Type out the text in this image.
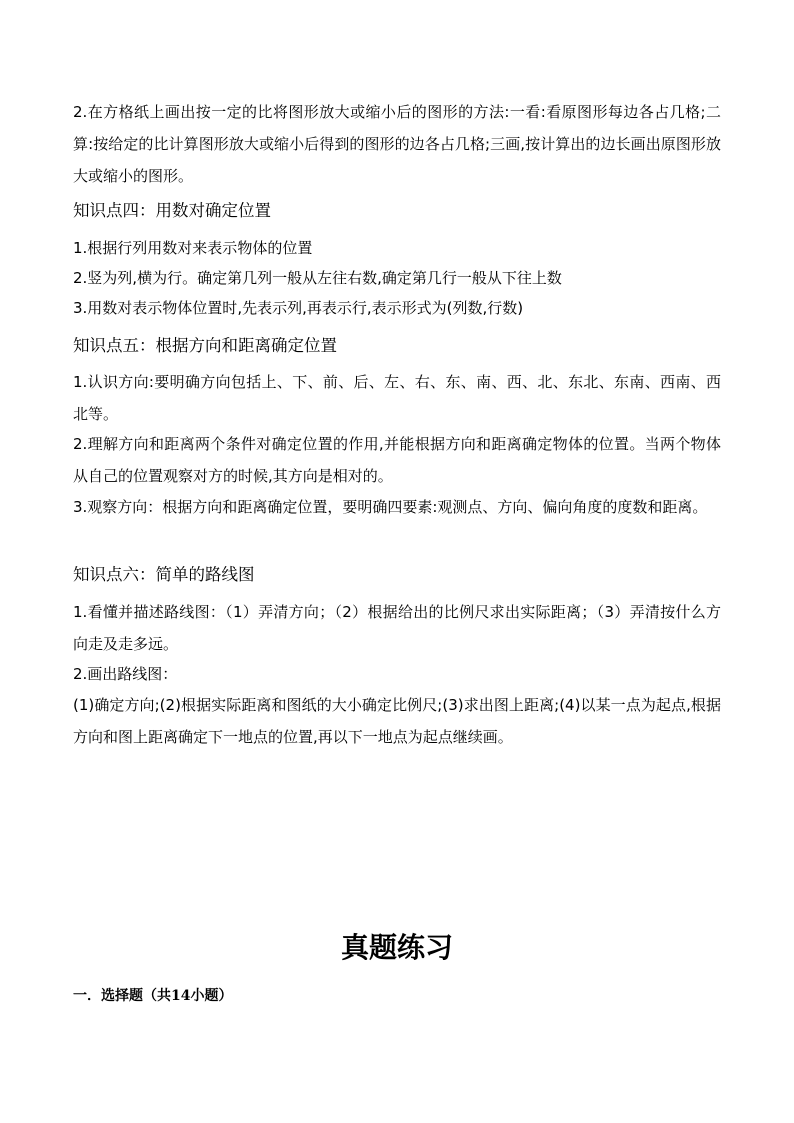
2.在方格纸上画出按一定的比将图形放大或缩小后的图形的方法:一看:看原图形每边各占几格;二算:按给定的比计算图形放大或缩小后得到的图形的边各占几格;三画,按计算出的边长画出原图形放大或缩小的图形。
知识点四：用数对确定位置
1.根据行列用数对来表示物体的位置
2.竖为列,横为行。确定第几列一般从左往右数,确定第几行一般从下往上数
3.用数对表示物体位置时,先表示列,再表示行,表示形式为(列数,行数)
知识点五：根据方向和距离确定位置
1.认识方向:要明确方向包括上、下、前、后、左、右、东、南、西、北、东北、东南、西南、西北等。
2.理解方向和距离两个条件对确定位置的作用,并能根据方向和距离确定物体的位置。当两个物体从自己的位置观察对方的时候,其方向是相对的。
3.观察方向：根据方向和距离确定位置，要明确四要素:观测点、方向、偏向角度的度数和距离。
知识点六：简单的路线图
1.看懂并描述路线图：（1）弄清方向；（2）根据给出的比例尺求出实际距离；（3）弄清按什么方向走及走多远。
2.画出路线图：
(1)确定方向;(2)根据实际距离和图纸的大小确定比例尺;(3)求出图上距离;(4)以某一点为起点,根据方向和图上距离确定下一地点的位置,再以下一地点为起点继续画。
真题练习
一．选择题（共14小题）
